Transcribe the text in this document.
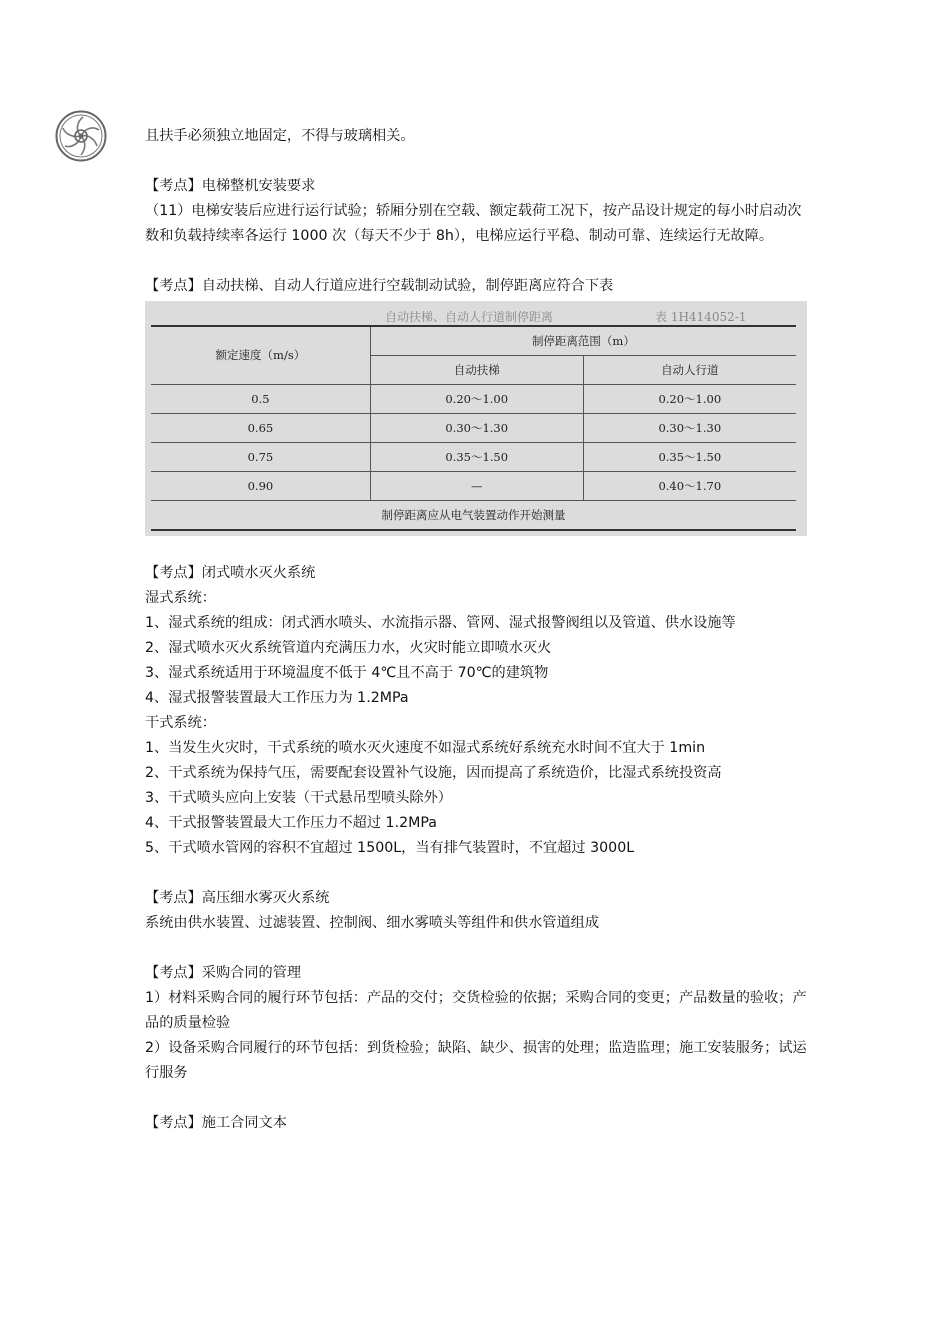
且扶手必须独立地固定，不得与玻璃相关。

【考点】电梯整机安装要求

（11）电梯安装后应进行运行试验；轿厢分别在空载、额定载荷工况下，按产品设计规定的每小时启动次数和负载持续率各运行 1000 次（每天不少于 8h），电梯应运行平稳、制动可靠、连续运行无故障。

【考点】自动扶梯、自动人行道应进行空载制动试验，制停距离应符合下表

自动扶梯、自动人行道制停距离	表 1H414052-1
额定速度（m/s）	制停距离范围（m）	
	自动扶梯	自动人行道
0.5	0.20～1.00	0.20～1.00
0.65	0.30～1.30	0.30～1.30
0.75	0.35～1.50	0.35～1.50
0.90	—	0.40～1.70
制停距离应从电气装置动作开始测量		

【考点】闭式喷水灭火系统

湿式系统：

1、湿式系统的组成：闭式洒水喷头、水流指示器、管网、湿式报警阀组以及管道、供水设施等

2、湿式喷水灭火系统管道内充满压力水，火灾时能立即喷水灭火

3、湿式系统适用于环境温度不低于 4℃且不高于 70℃的建筑物

4、湿式报警装置最大工作压力为 1.2MPa

干式系统：

1、当发生火灾时，干式系统的喷水灭火速度不如湿式系统好系统充水时间不宜大于 1min

2、干式系统为保持气压，需要配套设置补气设施，因而提高了系统造价，比湿式系统投资高

3、干式喷头应向上安装（干式悬吊型喷头除外）

4、干式报警装置最大工作压力不超过 1.2MPa

5、干式喷水管网的容积不宜超过 1500L，当有排气装置时，不宜超过 3000L

【考点】高压细水雾灭火系统

系统由供水装置、过滤装置、控制阀、细水雾喷头等组件和供水管道组成

【考点】采购合同的管理

1）材料采购合同的履行环节包括：产品的交付；交货检验的依据；采购合同的变更；产品数量的验收；产品的质量检验

2）设备采购合同履行的环节包括：到货检验；缺陷、缺少、损害的处理；监造监理；施工安装服务；试运行服务

【考点】施工合同文本
